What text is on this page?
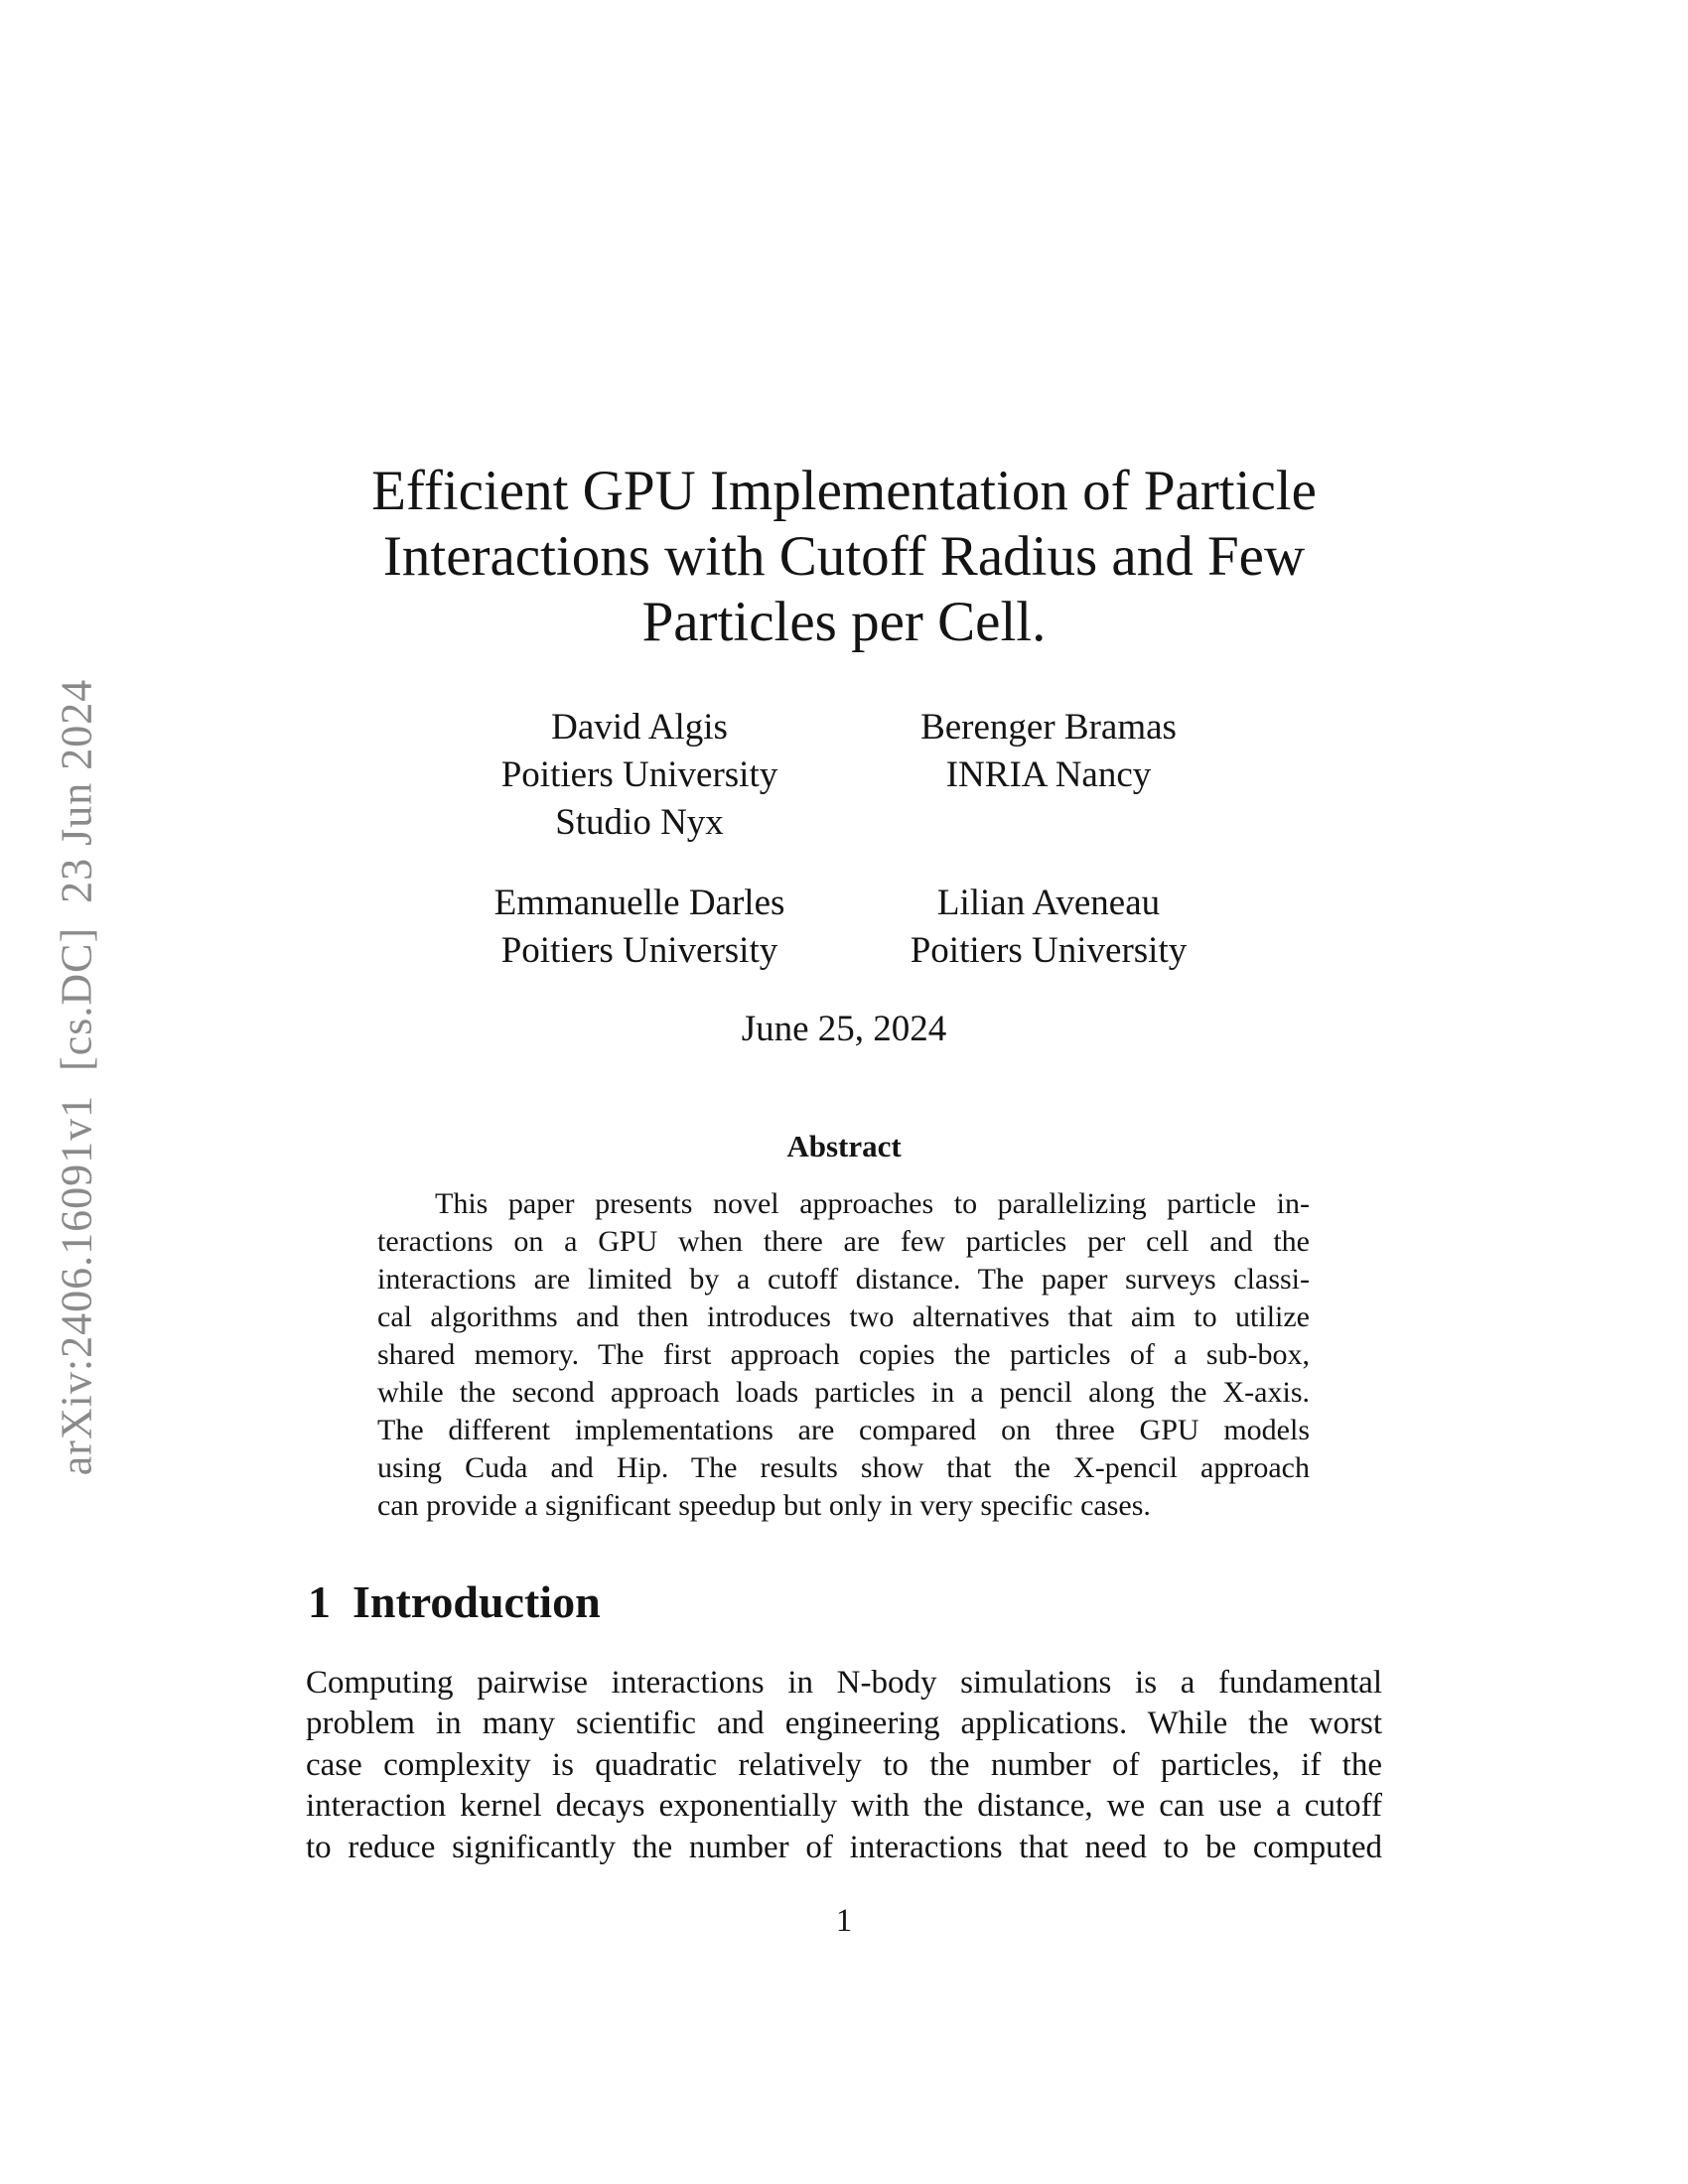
arXiv:2406.16091v1  [cs.DC]  23 Jun 2024
Efficient GPU Implementation of Particle
Interactions with Cutoff Radius and Few
Particles per Cell.
David Algis
Poitiers University
Studio Nyx
Berenger Bramas
INRIA Nancy
Emmanuelle Darles
Poitiers University
Lilian Aveneau
Poitiers University
June 25, 2024
Abstract
This paper presents novel approaches to parallelizing particle in-
teractions on a GPU when there are few particles per cell and the
interactions are limited by a cutoff distance. The paper surveys classi-
cal algorithms and then introduces two alternatives that aim to utilize
shared memory. The first approach copies the particles of a sub-box,
while the second approach loads particles in a pencil along the X-axis.
The different implementations are compared on three GPU models
using Cuda and Hip. The results show that the X-pencil approach
can provide a significant speedup but only in very specific cases.
1 Introduction
Computing pairwise interactions in N-body simulations is a fundamental
problem in many scientific and engineering applications. While the worst
case complexity is quadratic relatively to the number of particles, if the
interaction kernel decays exponentially with the distance, we can use a cutoff
to reduce significantly the number of interactions that need to be computed
1
